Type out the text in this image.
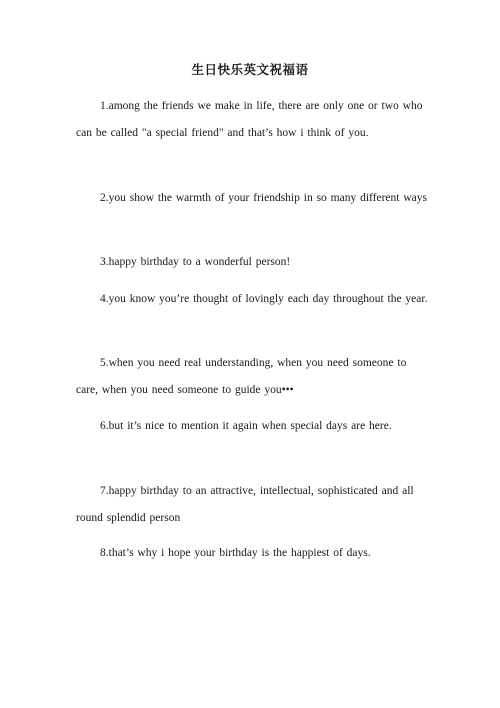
生日快乐英文祝福语

1.among the friends we make in life, there are only one or two who can be called "a special friend" and that’s how i think of you.

2.you show the warmth of your friendship in so many different ways

3.happy birthday to a wonderful person!

4.you know you’re thought of lovingly each day throughout the year.

5.when you need real understanding, when you need someone to care, when you need someone to guide you•••

6.but it’s nice to mention it again when special days are here.

7.happy birthday to an attractive, intellectual, sophisticated and all round splendid person

8.that’s why i hope your birthday is the happiest of days.
